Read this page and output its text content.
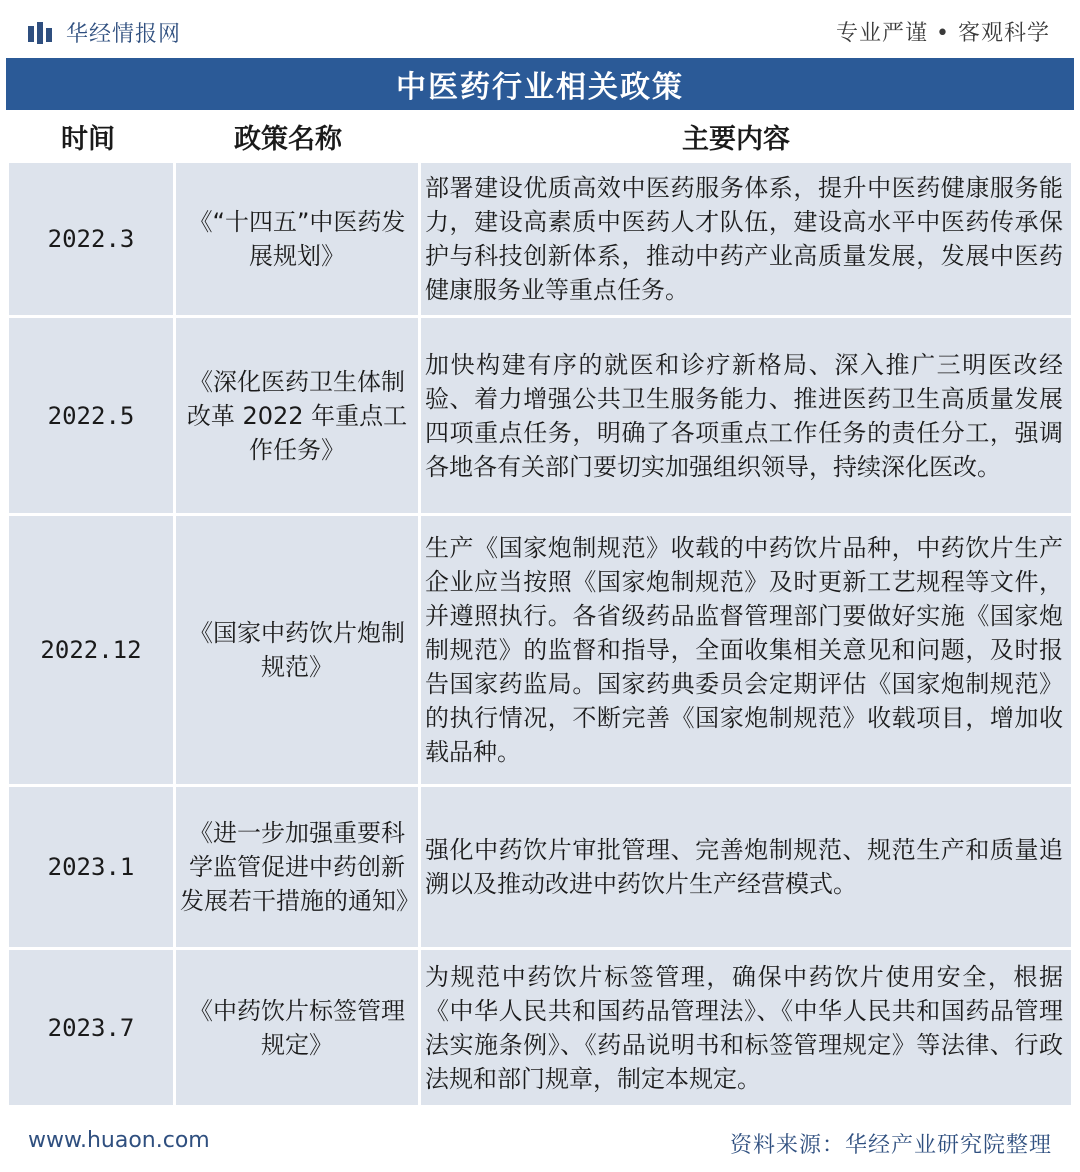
华经情报网	专业严谨 • 客观科学
中医药行业相关政策
时间	政策名称	主要内容
2022.3	《“十四五”中医药发展规划》	部署建设优质高效中医药服务体系，提升中医药健康服务能力，建设高素质中医药人才队伍，建设高水平中医药传承保护与科技创新体系，推动中药产业高质量发展，发展中医药健康服务业等重点任务。
2022.5	《深化医药卫生体制改革 2022 年重点工作任务》	加快构建有序的就医和诊疗新格局、深入推广三明医改经验、着力增强公共卫生服务能力、推进医药卫生高质量发展四项重点任务，明确了各项重点工作任务的责任分工，强调各地各有关部门要切实加强组织领导，持续深化医改。
2022.12	《国家中药饮片炮制规范》	生产《国家炮制规范》收载的中药饮片品种，中药饮片生产企业应当按照《国家炮制规范》及时更新工艺规程等文件，并遵照执行。各省级药品监督管理部门要做好实施《国家炮制规范》的监督和指导，全面收集相关意见和问题，及时报告国家药监局。国家药典委员会定期评估《国家炮制规范》的执行情况，不断完善《国家炮制规范》收载项目，增加收载品种。
2023.1	《进一步加强重要科学监管促进中药创新发展若干措施的通知》	强化中药饮片审批管理、完善炮制规范、规范生产和质量追溯以及推动改进中药饮片生产经营模式。
2023.7	《中药饮片标签管理规定》	为规范中药饮片标签管理，确保中药饮片使用安全，根据《中华人民共和国药品管理法》、《中华人民共和国药品管理法实施条例》、《药品说明书和标签管理规定》等法律、行政法规和部门规章，制定本规定。
www.huaon.com	资料来源：华经产业研究院整理
